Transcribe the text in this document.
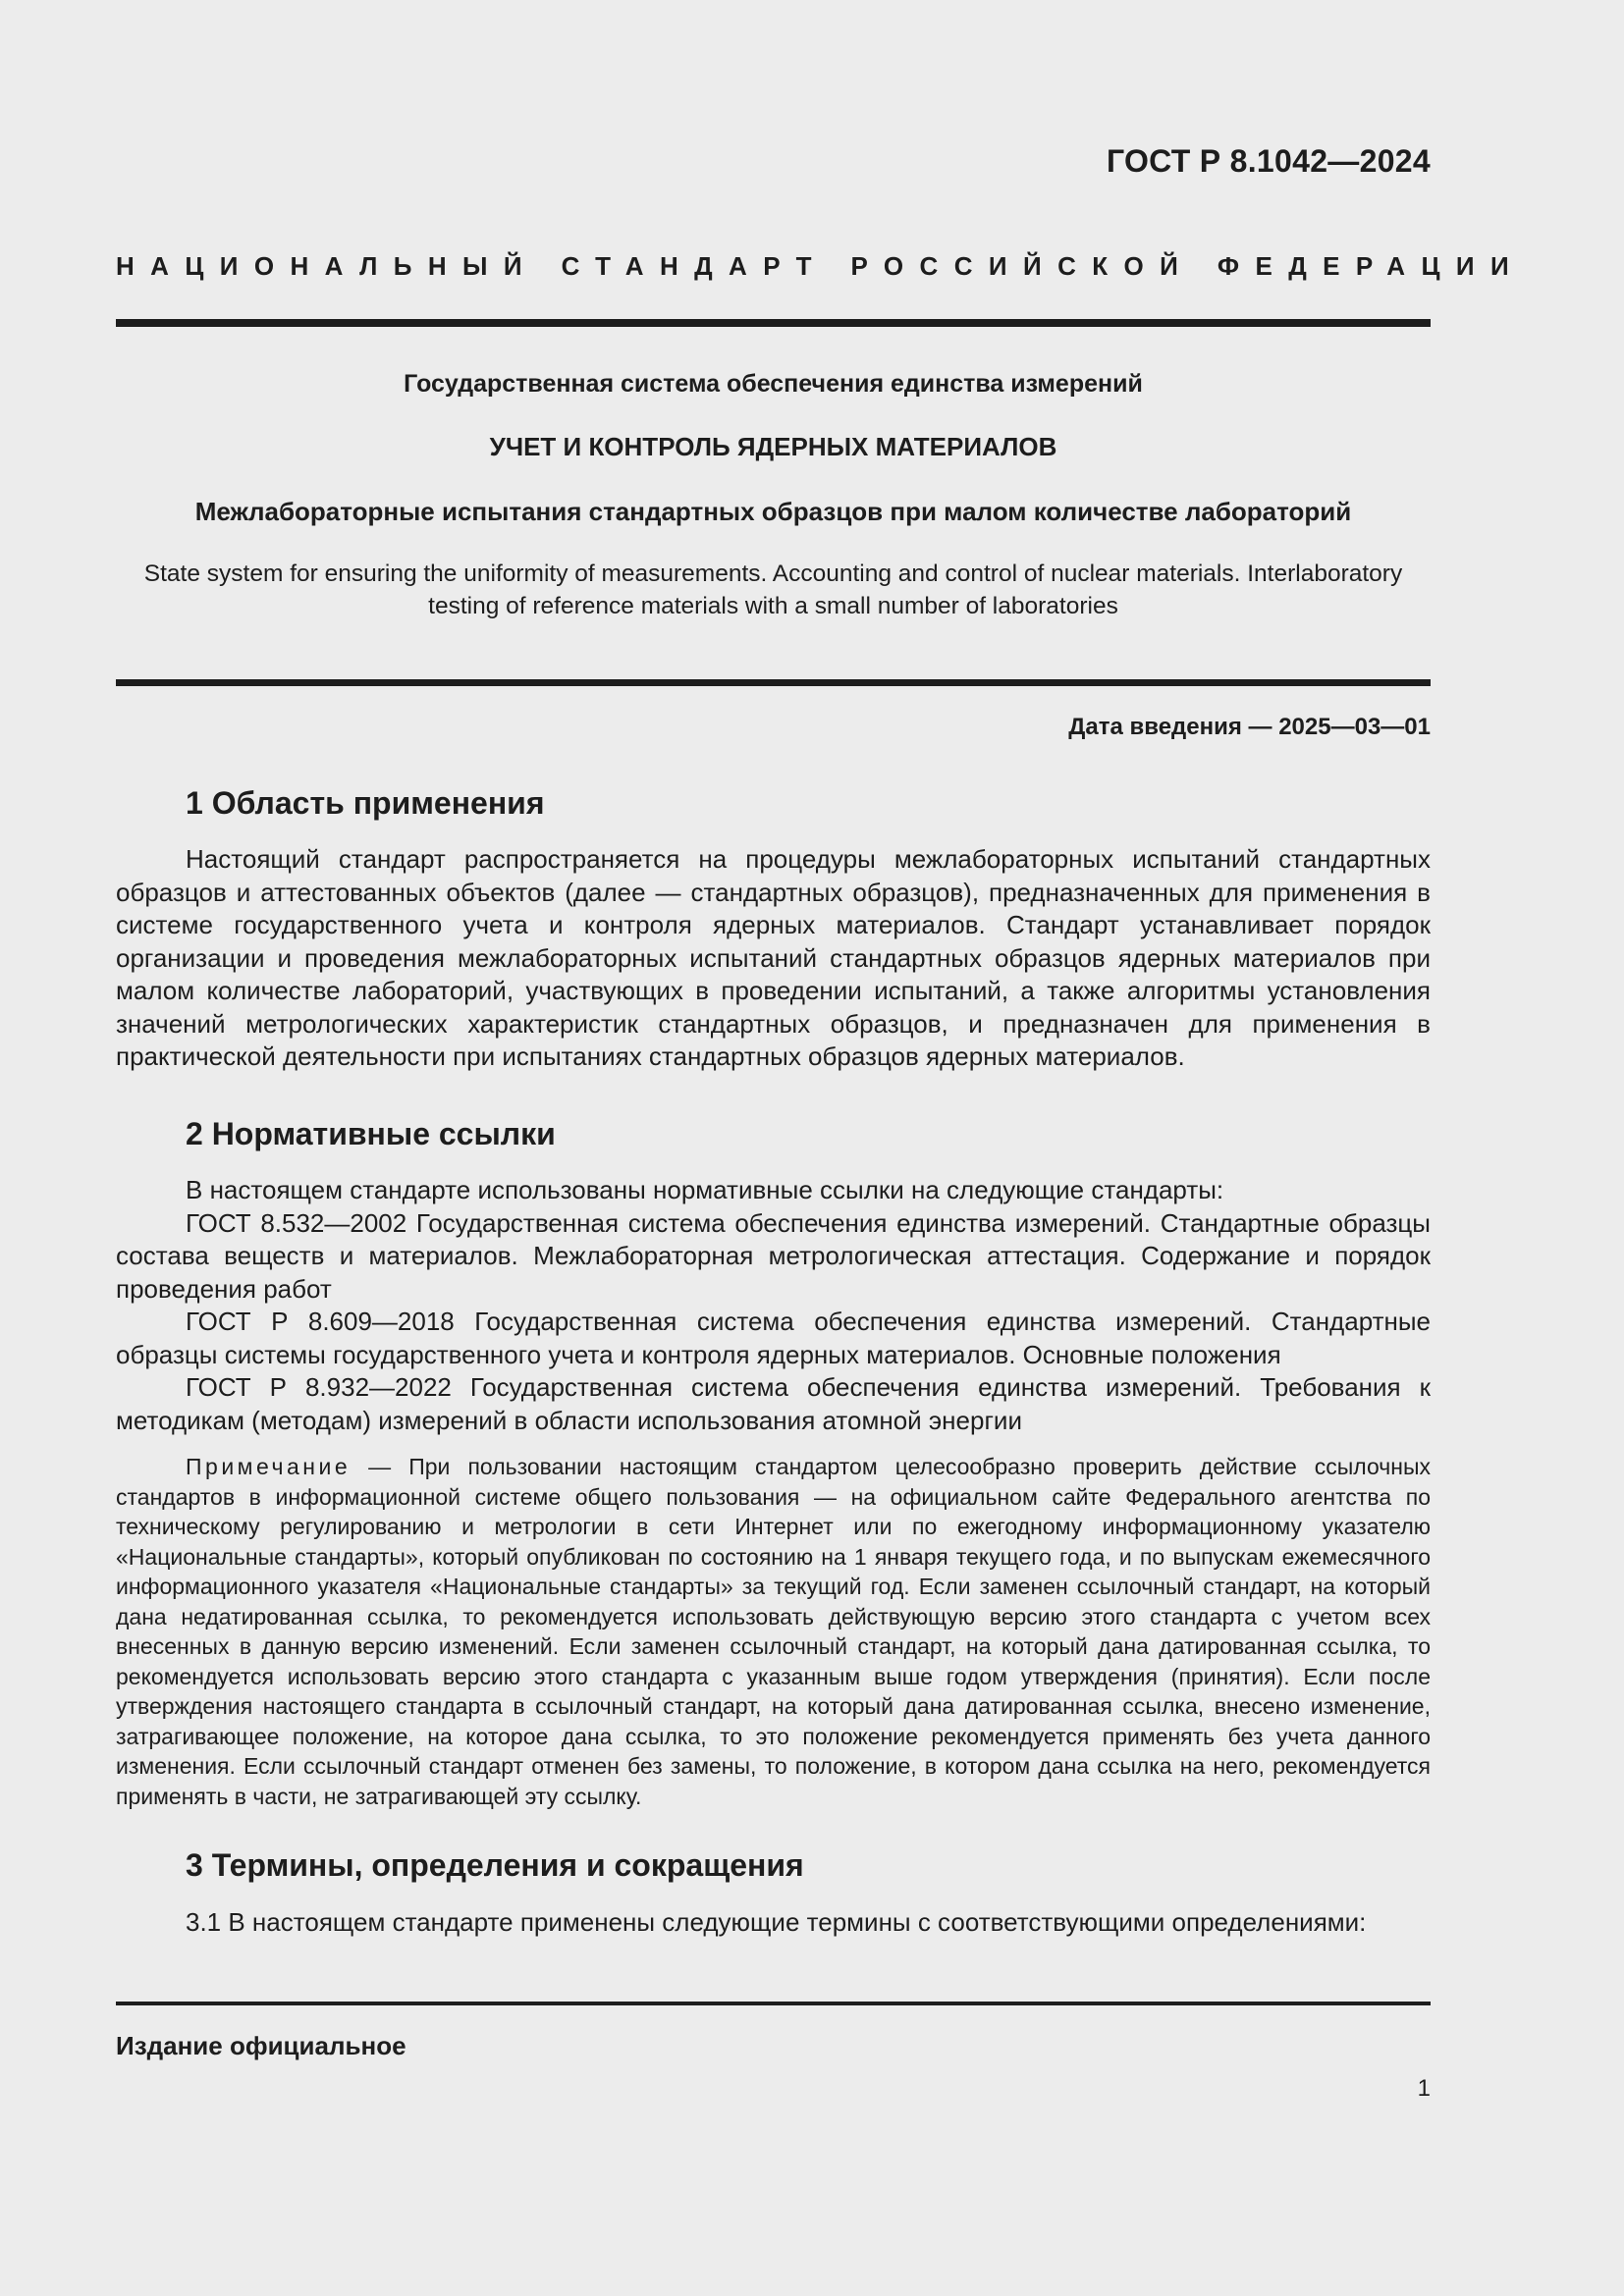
ГОСТ Р 8.1042—2024
НАЦИОНАЛЬНЫЙ СТАНДАРТ РОССИЙСКОЙ ФЕДЕРАЦИИ
Государственная система обеспечения единства измерений
УЧЕТ И КОНТРОЛЬ ЯДЕРНЫХ МАТЕРИАЛОВ
Межлабораторные испытания стандартных образцов при малом количестве лабораторий
State system for ensuring the uniformity of measurements. Accounting and control of nuclear materials. Interlaboratory testing of reference materials with a small number of laboratories
Дата введения — 2025—03—01
1 Область применения

Настоящий стандарт распространяется на процедуры межлабораторных испытаний стандартных образцов и аттестованных объектов (далее — стандартных образцов), предназначенных для применения в системе государственного учета и контроля ядерных материалов. Стандарт устанавливает порядок организации и проведения межлабораторных испытаний стандартных образцов ядерных материалов при малом количестве лабораторий, участвующих в проведении испытаний, а также алгоритмы установления значений метрологических характеристик стандартных образцов, и предназначен для применения в практической деятельности при испытаниях стандартных образцов ядерных материалов.

2 Нормативные ссылки
В настоящем стандарте использованы нормативные ссылки на следующие стандарты:
ГОСТ 8.532—2002 Государственная система обеспечения единства измерений. Стандартные образцы состава веществ и материалов. Межлабораторная метрологическая аттестация. Содержание и порядок проведения работ
ГОСТ Р 8.609—2018 Государственная система обеспечения единства измерений. Стандартные образцы системы государственного учета и контроля ядерных материалов. Основные положения
ГОСТ Р 8.932—2022 Государственная система обеспечения единства измерений. Требования к методикам (методам) измерений в области использования атомной энергии

Примечание — При пользовании настоящим стандартом целесообразно проверить действие ссылочных стандартов в информационной системе общего пользования — на официальном сайте Федерального агентства по техническому регулированию и метрологии в сети Интернет или по ежегодному информационному указателю «Национальные стандарты», который опубликован по состоянию на 1 января текущего года, и по выпускам ежемесячного информационного указателя «Национальные стандарты» за текущий год. Если заменен ссылочный стандарт, на который дана недатированная ссылка, то рекомендуется использовать действующую версию этого стандарта с учетом всех внесенных в данную версию изменений. Если заменен ссылочный стандарт, на который дана датированная ссылка, то рекомендуется использовать версию этого стандарта с указанным выше годом утверждения (принятия). Если после утверждения настоящего стандарта в ссылочный стандарт, на который дана датированная ссылка, внесено изменение, затрагивающее положение, на которое дана ссылка, то это положение рекомендуется применять без учета данного изменения. Если ссылочный стандарт отменен без замены, то положение, в котором дана ссылка на него, рекомендуется применять в части, не затрагивающей эту ссылку.

3 Термины, определения и сокращения

3.1 В настоящем стандарте применены следующие термины с соответствующими определениями:

Издание официальное
1
